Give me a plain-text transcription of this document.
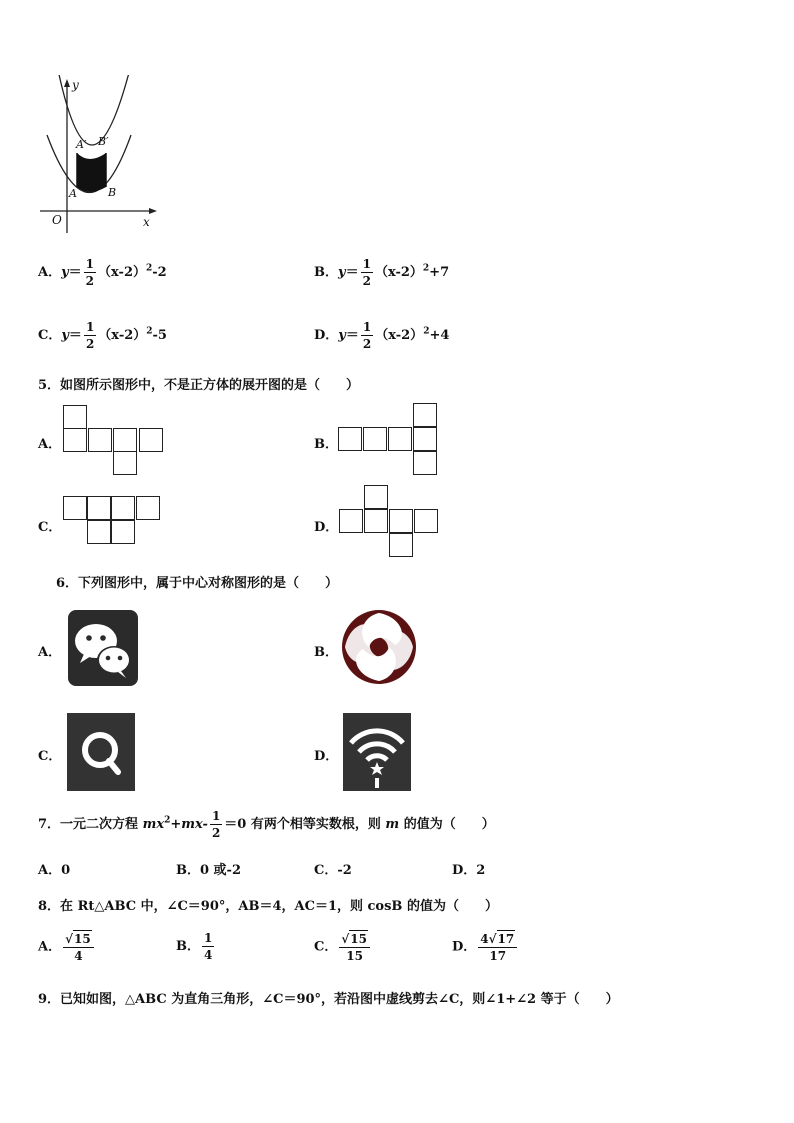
y
x
O
A′ B′
A	B
A．$y= \frac{1}{2} (x-2)^2-2$	B．$y= \frac{1}{2} (x-2)^2+7$
C．$y= \frac{1}{2} (x-2)^2-5$	D．$y= \frac{1}{2} (x-2)^2+4$
5．如图所示图形中，不是正方体的展开图的是（　　）
A．	B．
C．	D．
6．下列图形中，属于中心对称图形的是（　　）
A．	B．
C．	D．
7．一元二次方程 $mx^2+mx- \frac{1}{2} =0$ 有两个相等实数根，则 m 的值为（　　）
A．0	B．0 或-2	C．-2	D．2
8．在 Rt△ABC 中，∠C＝90°，AB＝4，AC＝1，则 cosB 的值为（　　）
A． $\frac{√15}{4}$	B． $\frac{1}{4}$	C． $\frac{√15}{15}$	D． $\frac{4√17}{17}$
9．已知如图，△ABC 为直角三角形，∠C＝90°，若沿图中虚线剪去∠C，则∠1+∠2 等于（　　）
